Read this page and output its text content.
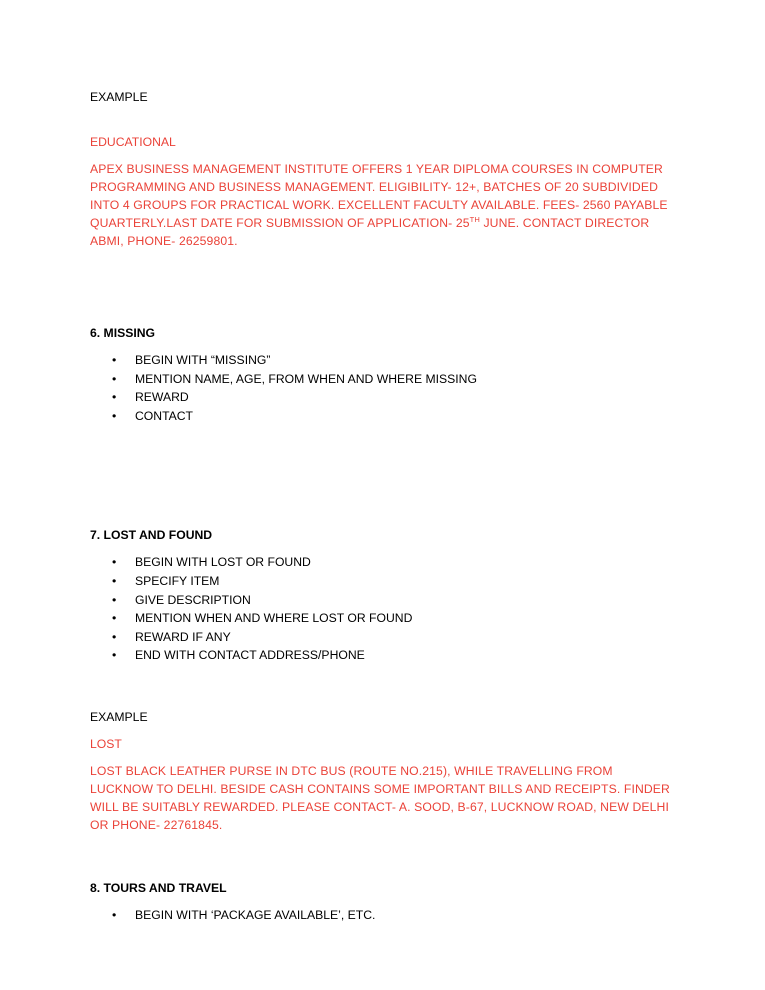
EXAMPLE

EDUCATIONAL

APEX BUSINESS MANAGEMENT INSTITUTE OFFERS 1 YEAR DIPLOMA COURSES IN COMPUTER PROGRAMMING AND BUSINESS MANAGEMENT. ELIGIBILITY- 12+, BATCHES OF 20 SUBDIVIDED INTO 4 GROUPS FOR PRACTICAL WORK. EXCELLENT FACULTY AVAILABLE. FEES- 2560 PAYABLE QUARTERLY.LAST DATE FOR SUBMISSION OF APPLICATION- 25TH JUNE. CONTACT DIRECTOR ABMI, PHONE- 26259801.

6. MISSING
• BEGIN WITH “MISSING”
• MENTION NAME, AGE, FROM WHEN AND WHERE MISSING
• REWARD
• CONTACT
7. LOST AND FOUND
• BEGIN WITH LOST OR FOUND
• SPECIFY ITEM
• GIVE DESCRIPTION
• MENTION WHEN AND WHERE LOST OR FOUND
• REWARD IF ANY
• END WITH CONTACT ADDRESS/PHONE

EXAMPLE

LOST

LOST BLACK LEATHER PURSE IN DTC BUS (ROUTE NO.215), WHILE TRAVELLING FROM LUCKNOW TO DELHI. BESIDE CASH CONTAINS SOME IMPORTANT BILLS AND RECEIPTS. FINDER WILL BE SUITABLY REWARDED. PLEASE CONTACT- A. SOOD, B-67, LUCKNOW ROAD, NEW DELHI OR PHONE- 22761845.

8. TOURS AND TRAVEL
• BEGIN WITH ‘PACKAGE AVAILABLE’, ETC.
